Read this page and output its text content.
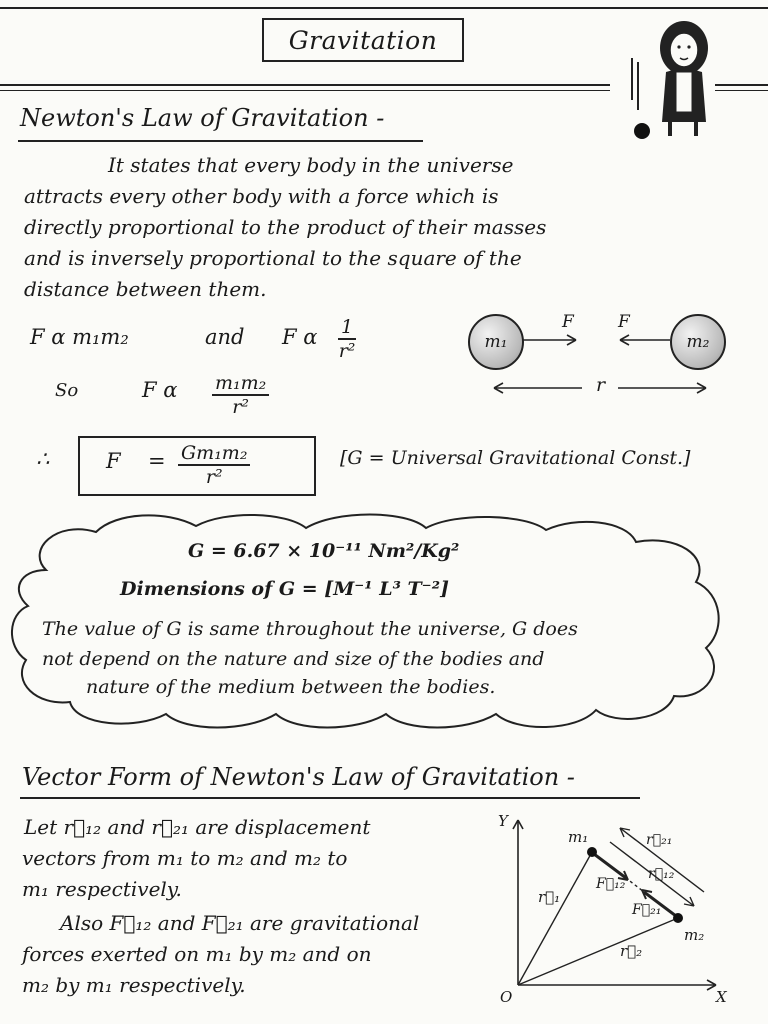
Gravitation
Newton's Law of Gravitation -
It states that every body in the universe
attracts every other body with a force which is
directly proportional to the product of their masses
and is inversely proportional to the square of the
distance between them.
F α m₁m₂	and F α $\frac{1}{\text{r²}}$
So	F α $\frac{\text{m₁m₂}}{\text{r²}}$
m₁	m₂
F	F
r
∴	$F = \frac{\text{Gm₁m₂}}{\text{r²}}$	[G = Universal Gravitational Const.]
G = 6.67 × 10⁻¹¹ Nm²/Kg²
Dimensions of G = [M⁻¹ L³ T⁻²]
The value of G is same throughout the universe, G does
not depend on the nature and size of the bodies and
nature of the medium between the bodies.
Vector Form of Newton's Law of Gravitation -
Let r⃗₁₂ and r⃗₂₁ are displacement
vectors from m₁ to m₂ and m₂ to
m₁ respectively.
Also F⃗₁₂ and F⃗₂₁ are gravitational
forces exerted on m₁ by m₂ and on
m₂ by m₁ respectively.
Y
X
O
m₁
m₂
r⃗₁
r⃗₂
r⃗₁₂
r⃗₂₁
F⃗₁₂
F⃗₂₁
